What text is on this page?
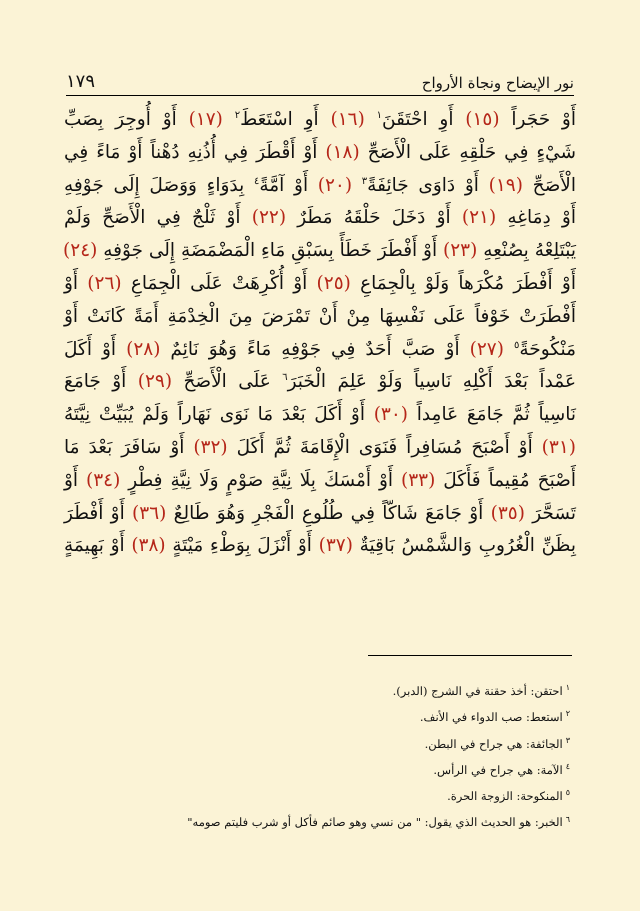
نور الإيضاح ونجاة الأرواح
١٧٩
أَوْ حَجَراً (١٥) أَوِ احْتَقَنَ$^١$ (١٦) أَوِ اسْتَعَطَ$^٢$ (١٧) أَوْ أُوجِرَ بِصَبِّ
شَيْءٍ فِي حَلْقِهِ عَلَى الْأَصَحِّ (١٨) أَوْ أَقْطَرَ فِي أُذُنِهِ دُهْناً أَوْ مَاءً فِي
الْأَصَحِّ (١٩) أَوْ دَاوَى جَائِفَةً$^٣$ (٢٠) أَوْ آمَّةً$^٤$ بِدَوَاءٍ وَوَصَلَ إِلَى جَوْفِهِ
أَوْ دِمَاغِهِ (٢١) أَوْ دَخَلَ حَلْقَهُ مَطَرٌ (٢٢) أَوْ ثَلْجٌ فِي الْأَصَحِّ وَلَمْ
يَبْتَلِعْهُ بِصُنْعِهِ (٢٣) أَوْ أَفْطَرَ خَطَأً بِسَبْقِ مَاءِ الْمَضْمَضَةِ إِلَى جَوْفِهِ (٢٤)
أَوْ أَفْطَرَ مُكْرَهاً وَلَوْ بِالْجِمَاعِ (٢٥) أَوْ أُكْرِهَتْ عَلَى الْجِمَاعِ (٢٦) أَوْ
أَفْطَرَتْ خَوْفاً عَلَى نَفْسِهَا مِنْ أَنْ تَمْرَضَ مِنَ الْخِدْمَةِ أَمَةً كَانَتْ أَوْ
مَنْكُوحَةً$^٥$ (٢٧) أَوْ صَبَّ أَحَدٌ فِي جَوْفِهِ مَاءً وَهُوَ نَائِمٌ (٢٨) أَوْ أَكَلَ
عَمْداً بَعْدَ أَكْلِهِ نَاسِياً وَلَوْ عَلِمَ الْخَبَرَ$^٦$ عَلَى الْأَصَحِّ (٢٩) أَوْ جَامَعَ
نَاسِياً ثُمَّ جَامَعَ عَامِداً (٣٠) أَوْ أَكَلَ بَعْدَ مَا نَوَى نَهَاراً وَلَمْ يُبَيِّتْ نِيَّتَهُ
(٣١) أَوْ أَصْبَحَ مُسَافِراً فَنَوَى الْإِقَامَةَ ثُمَّ أَكَلَ (٣٢) أَوْ سَافَرَ بَعْدَ مَا
أَصْبَحَ مُقِيماً فَأَكَلَ (٣٣) أَوْ أَمْسَكَ بِلَا نِيَّةِ صَوْمٍ وَلَا نِيَّةِ فِطْرٍ (٣٤) أَوْ
تَسَحَّرَ (٣٥) أَوْ جَامَعَ شَاكّاً فِي طُلُوعِ الْفَجْرِ وَهُوَ طَالِعٌ (٣٦) أَوْ أَفْطَرَ
بِظَنِّ الْغُرُوبِ وَالشَّمْسُ بَاقِيَةٌ (٣٧) أَوْ أَنْزَلَ بِوَطْءِ مَيْتَةٍ (٣٨) أَوْ بَهِيمَةٍ
$^١$احتقن: أخذ حقنة في الشرج (الدبر).
$^٢$استعط: صب الدواء في الأنف.
$^٣$الجائفة: هي جراح في البطن.
$^٤$الآمة: هي جراح في الرأس.
$^٥$المنكوحة: الزوجة الحرة.
$^٦$الخبر: هو الحديث الذي يقول: " من نسي وهو صائم فأكل أو شرب فليتم صومه"
